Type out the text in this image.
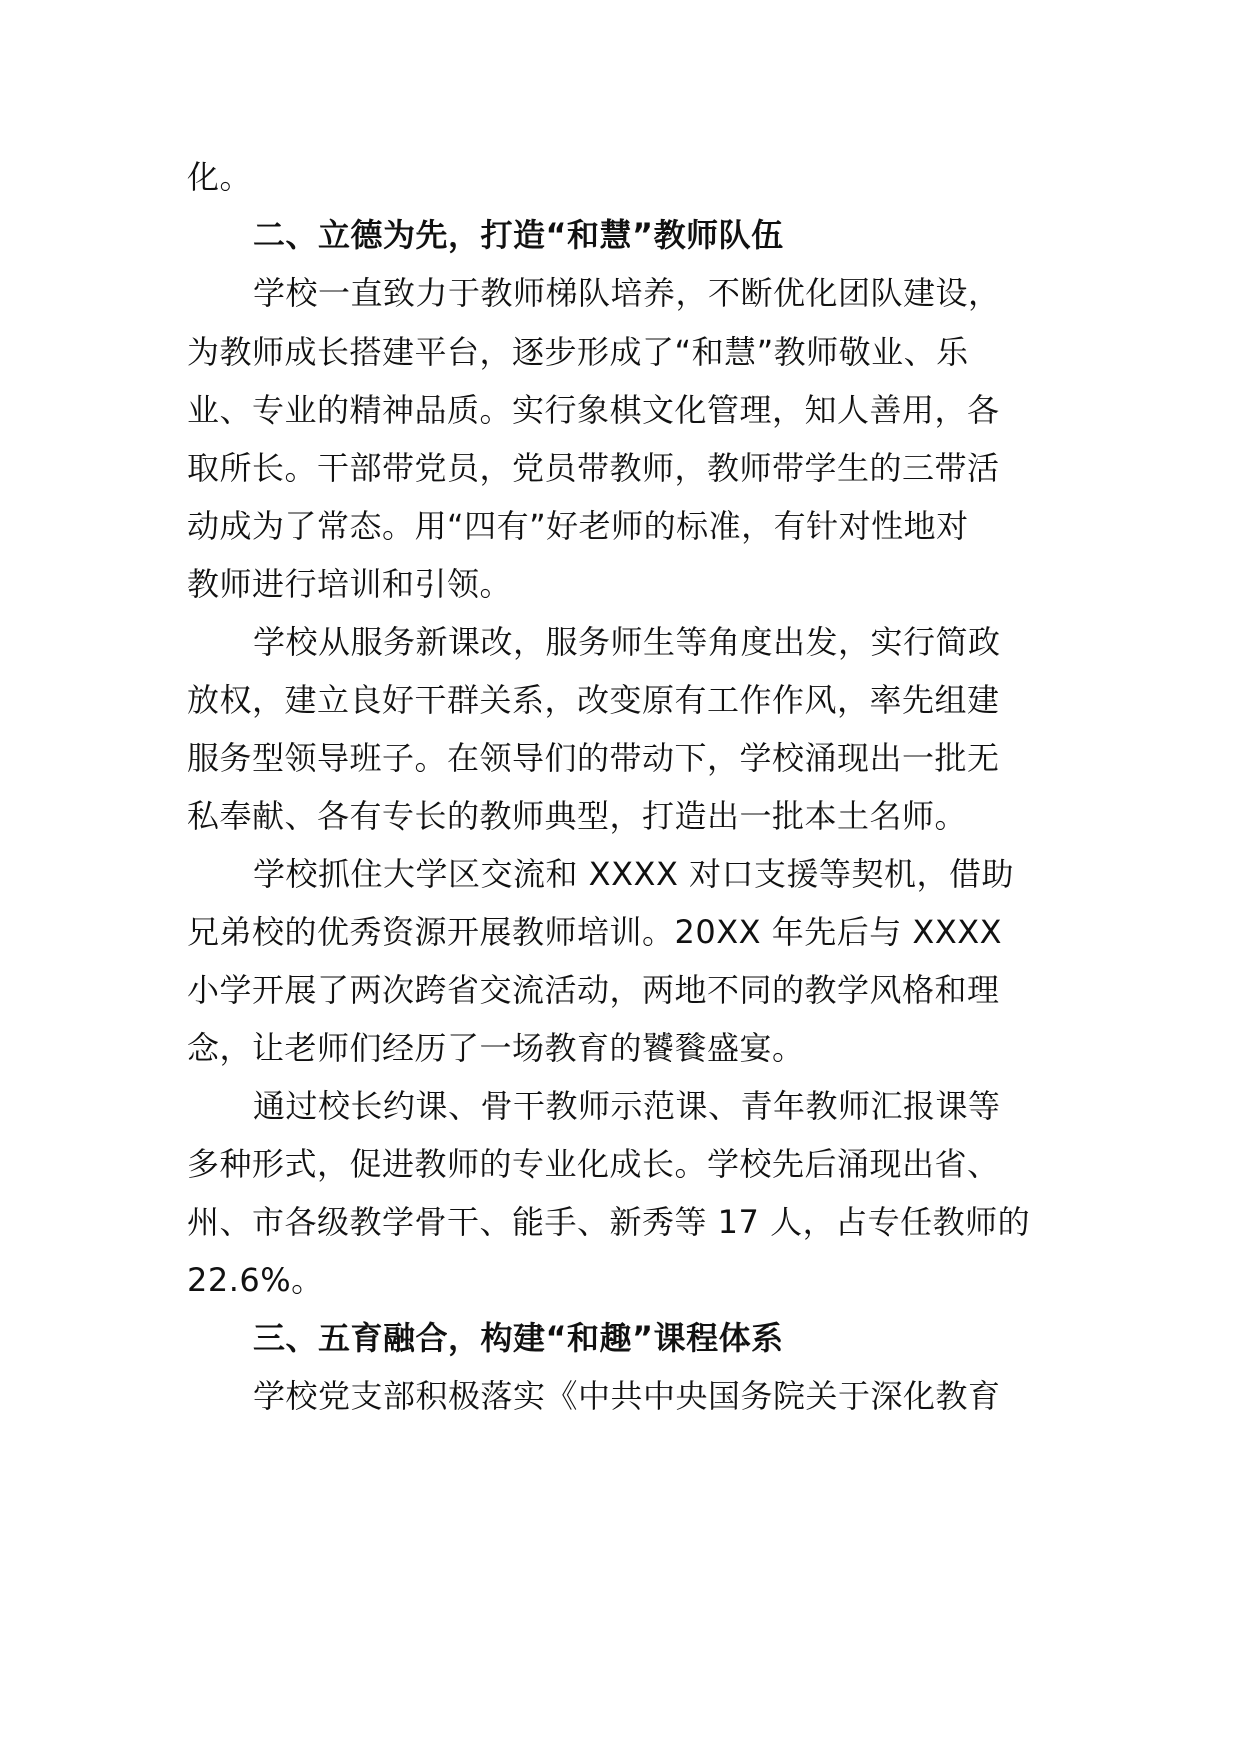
化。
二、立德为先，打造“和慧”教师队伍
学校一直致力于教师梯队培养，不断优化团队建设，
为教师成长搭建平台，逐步形成了“和慧”教师敬业、乐
业、专业的精神品质。实行象棋文化管理，知人善用，各
取所长。干部带党员，党员带教师，教师带学生的三带活
动成为了常态。用“四有”好老师的标准，有针对性地对
教师进行培训和引领。
学校从服务新课改，服务师生等角度出发，实行简政
放权，建立良好干群关系，改变原有工作作风，率先组建
服务型领导班子。在领导们的带动下，学校涌现出一批无
私奉献、各有专长的教师典型，打造出一批本土名师。
学校抓住大学区交流和 XXXX 对口支援等契机，借助
兄弟校的优秀资源开展教师培训。20XX 年先后与 XXXX
小学开展了两次跨省交流活动，两地不同的教学风格和理
念，让老师们经历了一场教育的饕餮盛宴。
通过校长约课、骨干教师示范课、青年教师汇报课等
多种形式，促进教师的专业化成长。学校先后涌现出省、
州、市各级教学骨干、能手、新秀等 17 人，占专任教师的
22.6%。
三、五育融合，构建“和趣”课程体系
学校党支部积极落实《中共中央国务院关于深化教育
